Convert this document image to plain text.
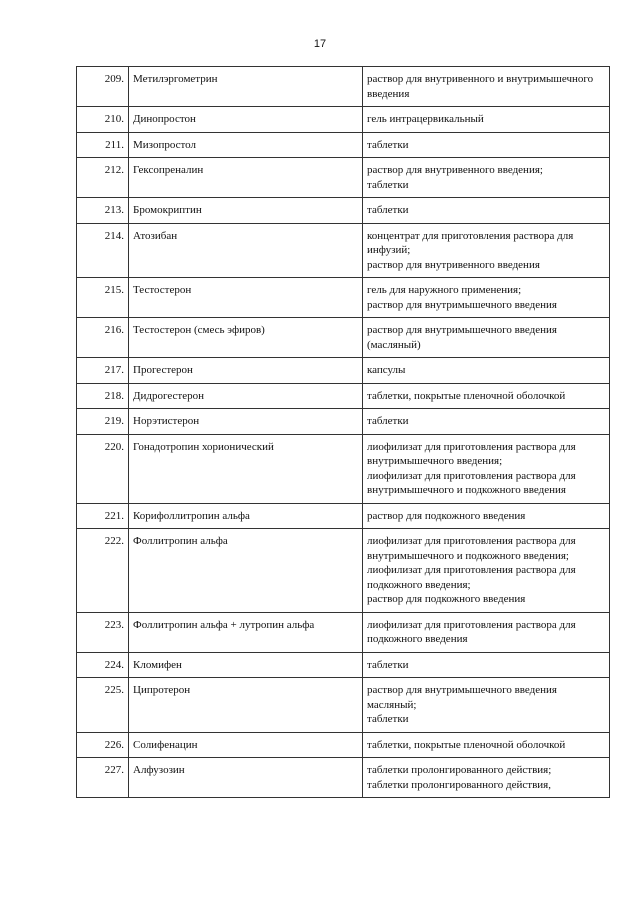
17
209.	Метилэргометрин	раствор для внутривенного и внутримышечного введения

210.	Динопростон	гель интрацервикальный

211.	Мизопростол	таблетки

212.	Гексопреналин	раствор для внутривенного введения;
таблетки

213.	Бромокриптин	таблетки

214.	Атозибан	концентрат для приготовления раствора для инфузий;
раствор для внутривенного введения

215.	Тестостерон	гель для наружного применения;
раствор для внутримышечного введения

216.	Тестостерон (смесь эфиров)	раствор для внутримышечного введения (масляный)

217.	Прогестерон	капсулы

218.	Дидрогестерон	таблетки, покрытые пленочной оболочкой

219.	Норэтистерон	таблетки

220.	Гонадотропин хорионический	лиофилизат для приготовления раствора для внутримышечного введения;
лиофилизат для приготовления раствора для внутримышечного и подкожного введения

221.	Корифоллитропин альфа	раствор для подкожного введения

222.	Фоллитропин альфа	лиофилизат для приготовления раствора для внутримышечного и подкожного введения;
лиофилизат для приготовления раствора для подкожного введения;
раствор для подкожного введения

223.	Фоллитропин альфа + лутропин альфа	лиофилизат для приготовления раствора для подкожного введения

224.	Кломифен	таблетки

225.	Ципротерон	раствор для внутримышечного введения масляный;
таблетки

226.	Солифенацин	таблетки, покрытые пленочной оболочкой

227.	Алфузозин	таблетки пролонгированного действия;
таблетки пролонгированного действия,
